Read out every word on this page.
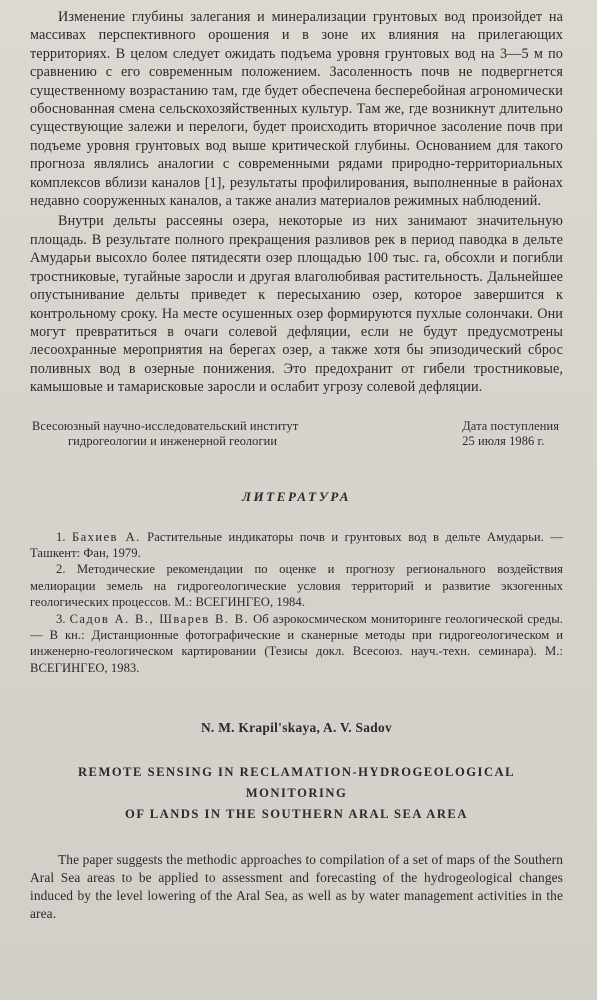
Изменение глубины залегания и минерализации грунтовых вод произойдет на массивах перспективного орошения и в зоне их влияния на прилегающих территориях. В целом следует ожидать подъема уровня грунтовых вод на 3—5 м по сравнению с его современным положением. Засоленность почв не подвергнется существенному возрастанию там, где будет обеспечена бесперебойная агрономически обоснованная смена сельскохозяйственных культур. Там же, где возникнут длительно существующие залежи и перелоги, будет происходить вторичное засоление почв при подъеме уровня грунтовых вод выше критической глубины. Основанием для такого прогноза являлись аналогии с современными рядами природно-территориальных комплексов вблизи каналов [1], результаты профилирования, выполненные в районах недавно сооруженных каналов, а также анализ материалов режимных наблюдений.

Внутри дельты рассеяны озера, некоторые из них занимают значительную площадь. В результате полного прекращения разливов рек в период паводка в дельте Амударьи высохло более пятидесяти озер площадью 100 тыс. га, обсохли и погибли тростниковые, тугайные заросли и другая влаголюбивая растительность. Дальнейшее опустынивание дельты приведет к пересыханию озер, которое завершится к контрольному сроку. На месте осушенных озер формируются пухлые солончаки. Они могут превратиться в очаги солевой дефляции, если не будут предусмотрены лесоохранные мероприятия на берегах озер, а также хотя бы эпизодический сброс поливных вод в озерные понижения. Это предохранит от гибели тростниковые, камышовые и тамарисковые заросли и ослабит угрозу солевой дефляции.

Всесоюзный научно-исследовательский институт
гидрогеологии и инженерной геологии
Дата поступления
25 июля 1986 г.
ЛИТЕРАТУРА

1. Бахиев А. Растительные индикаторы почв и грунтовых вод в дельте Амударьи. — Ташкент: Фан, 1979.

2. Методические рекомендации по оценке и прогнозу регионального воздействия мелиорации земель на гидрогеологические условия территорий и развитие экзогенных геологических процессов. М.: ВСЕГИНГЕО, 1984.

3. Садов А. В., Шварев В. В. Об аэрокосмическом мониторинге геологической среды. — В кн.: Дистанционные фотографические и сканерные методы при гидрогеологическом и инженерно-геологическом картировании (Тезисы докл. Всесоюз. науч.-техн. семинара). М.: ВСЕГИНГЕО, 1983.

N. M. Krapil'skaya, A. V. Sadov
REMOTE SENSING IN RECLAMATION-HYDROGEOLOGICAL MONITORING
OF LANDS IN THE SOUTHERN ARAL SEA AREA

The paper suggests the methodic approaches to compilation of a set of maps of the Southern Aral Sea areas to be applied to assessment and forecasting of the hydrogeological changes induced by the level lowering of the Aral Sea, as well as by water management activities in the area.
